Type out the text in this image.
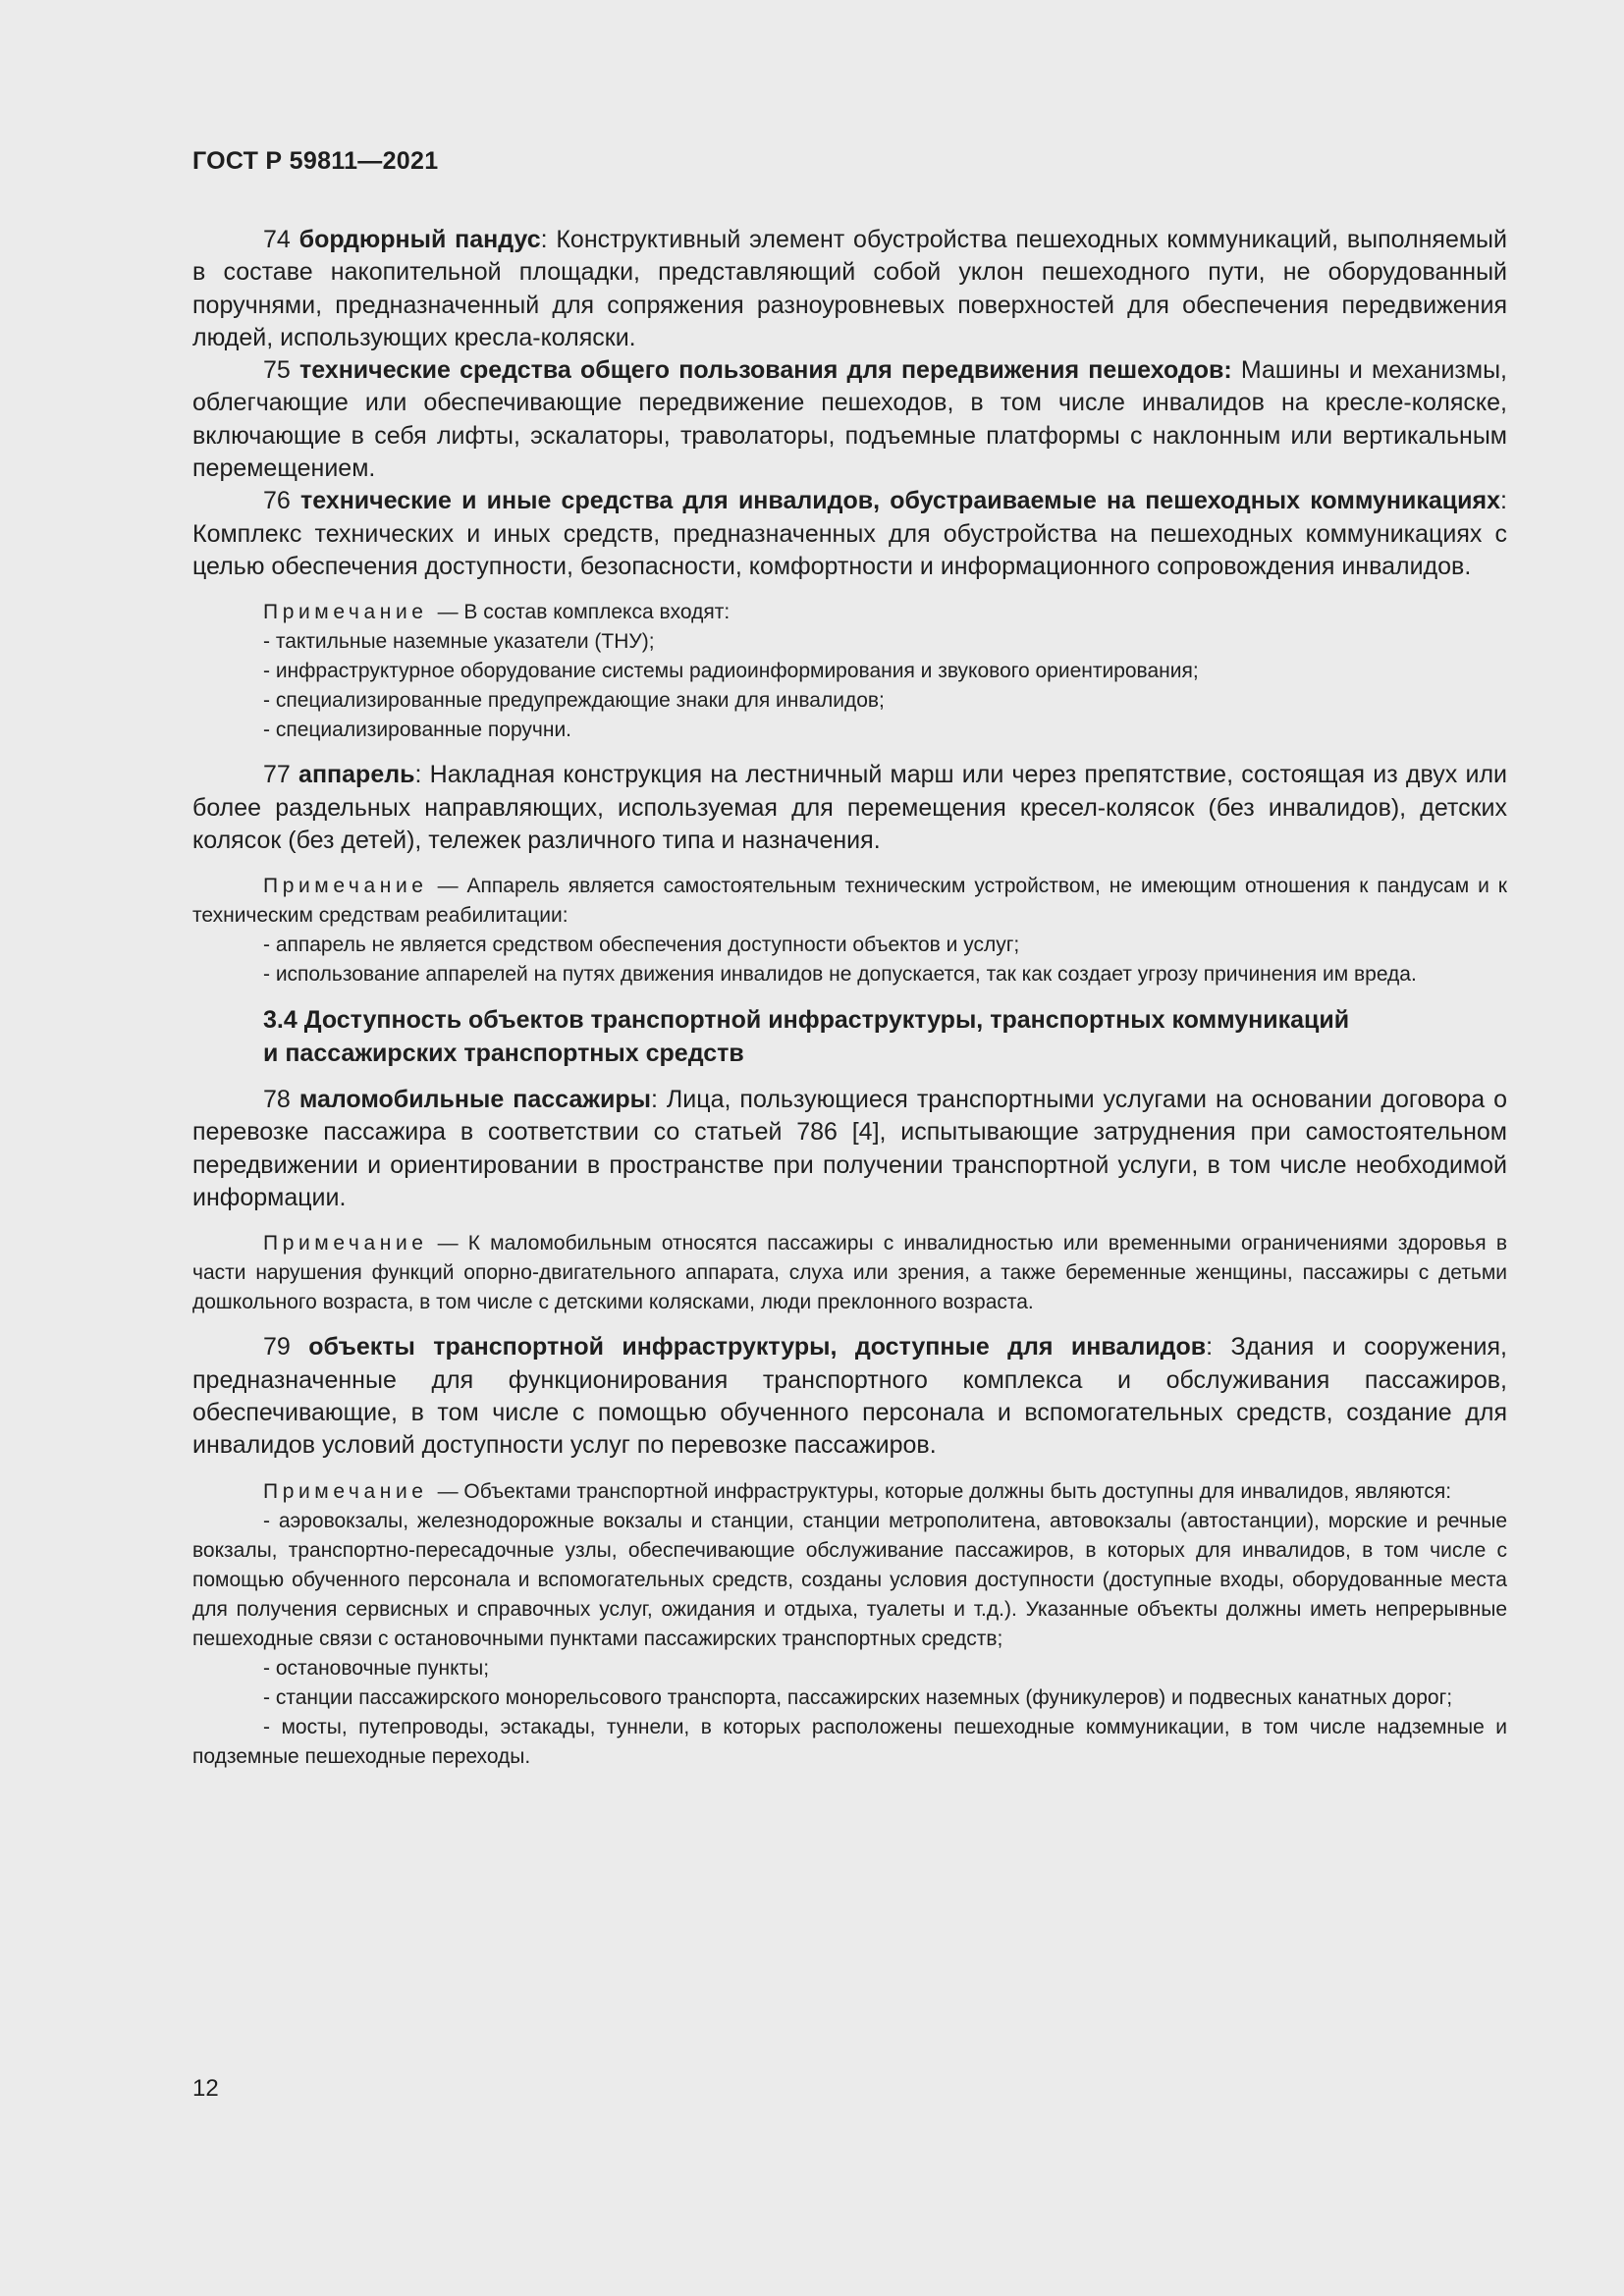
ГОСТ Р 59811—2021

74 бордюрный пандус: Конструктивный элемент обустройства пешеходных коммуникаций, выполняемый в составе накопительной площадки, представляющий собой уклон пешеходного пути, не оборудованный поручнями, предназначенный для сопряжения разноуровневых поверхностей для обеспечения передвижения людей, использующих кресла-коляски.

75 технические средства общего пользования для передвижения пешеходов: Машины и механизмы, облегчающие или обеспечивающие передвижение пешеходов, в том числе инвалидов на кресле-коляске, включающие в себя лифты, эскалаторы, траволаторы, подъемные платформы с наклонным или вертикальным перемещением.

76 технические и иные средства для инвалидов, обустраиваемые на пешеходных коммуникациях: Комплекс технических и иных средств, предназначенных для обустройства на пешеходных коммуникациях с целью обеспечения доступности, безопасности, комфортности и информационного сопровождения инвалидов.

Примечание — В состав комплекса входят:

- тактильные наземные указатели (ТНУ);

- инфраструктурное оборудование системы радиоинформирования и звукового ориентирования;

- специализированные предупреждающие знаки для инвалидов;

- специализированные поручни.

77 аппарель: Накладная конструкция на лестничный марш или через препятствие, состоящая из двух или более раздельных направляющих, используемая для перемещения кресел-колясок (без инвалидов), детских колясок (без детей), тележек различного типа и назначения.

Примечание — Аппарель является самостоятельным техническим устройством, не имеющим отношения к пандусам и к техническим средствам реабилитации:

- аппарель не является средством обеспечения доступности объектов и услуг;

- использование аппарелей на путях движения инвалидов не допускается, так как создает угрозу причинения им вреда.

3.4 Доступность объектов транспортной инфраструктуры, транспортных коммуникаций
и пассажирских транспортных средств

78 маломобильные пассажиры: Лица, пользующиеся транспортными услугами на основании договора о перевозке пассажира в соответствии со статьей 786 [4], испытывающие затруднения при самостоятельном передвижении и ориентировании в пространстве при получении транспортной услуги, в том числе необходимой информации.

Примечание — К маломобильным относятся пассажиры с инвалидностью или временными ограничениями здоровья в части нарушения функций опорно-двигательного аппарата, слуха или зрения, а также беременные женщины, пассажиры с детьми дошкольного возраста, в том числе с детскими колясками, люди преклонного возраста.

79 объекты транспортной инфраструктуры, доступные для инвалидов: Здания и сооружения, предназначенные для функционирования транспортного комплекса и обслуживания пассажиров, обеспечивающие, в том числе с помощью обученного персонала и вспомогательных средств, создание для инвалидов условий доступности услуг по перевозке пассажиров.

Примечание — Объектами транспортной инфраструктуры, которые должны быть доступны для инвалидов, являются:

- аэровокзалы, железнодорожные вокзалы и станции, станции метрополитена, автовокзалы (автостанции), морские и речные вокзалы, транспортно-пересадочные узлы, обеспечивающие обслуживание пассажиров, в которых для инвалидов, в том числе с помощью обученного персонала и вспомогательных средств, созданы условия доступности (доступные входы, оборудованные места для получения сервисных и справочных услуг, ожидания и отдыха, туалеты и т.д.). Указанные объекты должны иметь непрерывные пешеходные связи с остановочными пунктами пассажирских транспортных средств;

- остановочные пункты;

- станции пассажирского монорельсового транспорта, пассажирских наземных (фуникулеров) и подвесных канатных дорог;

- мосты, путепроводы, эстакады, туннели, в которых расположены пешеходные коммуникации, в том числе надземные и подземные пешеходные переходы.

12
